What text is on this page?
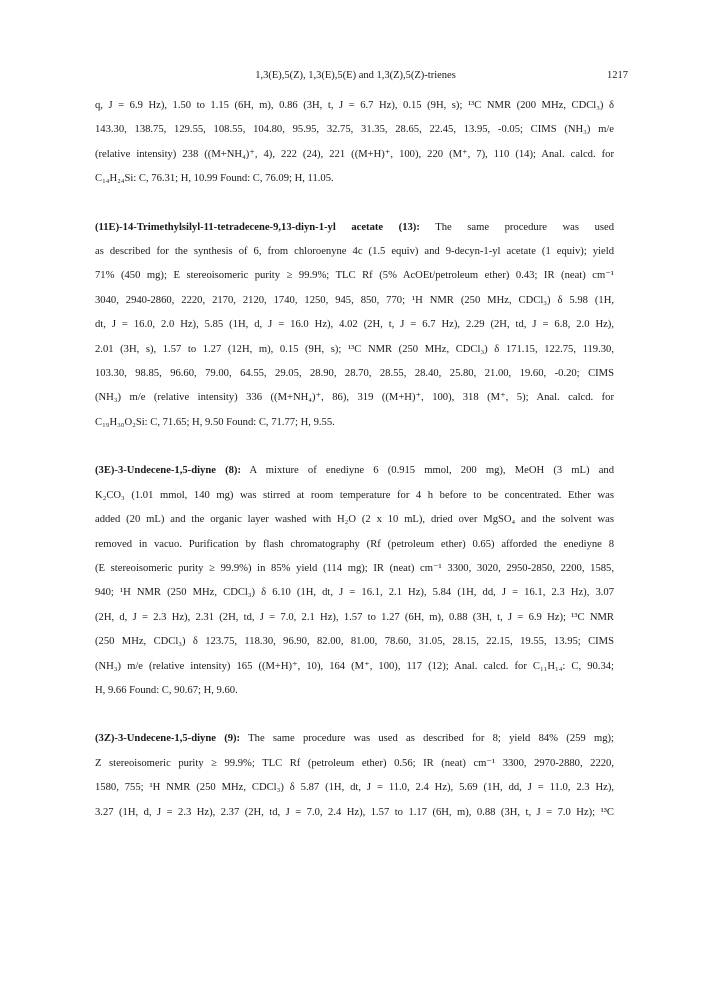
1,3(E),5(Z), 1,3(E),5(E) and 1,3(Z),5(Z)-trienes	1217
q, J = 6.9 Hz), 1.50 to 1.15 (6H, m), 0.86 (3H, t, J = 6.7 Hz), 0.15 (9H, s); ¹³C NMR (200 MHz, CDCl₃) δ
143.30, 138.75, 129.55, 108.55, 104.80, 95.95, 32.75, 31.35, 28.65, 22.45, 13.95, -0.05; CIMS (NH₃) m/e
(relative intensity) 238 ((M+NH₄)⁺, 4), 222 (24), 221 ((M+H)⁺, 100), 220 (M⁺, 7), 110 (14); Anal. calcd. for
C₁₄H₂₄Si: C, 76.31; H, 10.99 Found: C, 76.09; H, 11.05.
(11E)-14-Trimethylsilyl-11-tetradecene-9,13-diyn-1-yl acetate (13): The same procedure was used
as described for the synthesis of 6, from chloroenyne 4c (1.5 equiv) and 9-decyn-1-yl acetate (1 equiv); yield
71% (450 mg); E stereoisomeric purity ≥ 99.9%; TLC Rf (5% AcOEt/petroleum ether) 0.43; IR (neat) cm⁻¹
3040, 2940-2860, 2220, 2170, 2120, 1740, 1250, 945, 850, 770; ¹H NMR (250 MHz, CDCl₃) δ 5.98 (1H,
dt, J = 16.0, 2.0 Hz), 5.85 (1H, d, J = 16.0 Hz), 4.02 (2H, t, J = 6.7 Hz), 2.29 (2H, td, J = 6.8, 2.0 Hz),
2.01 (3H, s), 1.57 to 1.27 (12H, m), 0.15 (9H, s); ¹³C NMR (250 MHz, CDCl₃) δ 171.15, 122.75, 119.30,
103.30, 98.85, 96.60, 79.00, 64.55, 29.05, 28.90, 28.70, 28.55, 28.40, 25.80, 21.00, 19.60, -0.20; CIMS
(NH₃) m/e (relative intensity) 336 ((M+NH₄)⁺, 86), 319 ((M+H)⁺, 100), 318 (M⁺, 5); Anal. calcd. for
C₁₉H₃₀O₂Si: C, 71.65; H, 9.50 Found: C, 71.77; H, 9.55.
(3E)-3-Undecene-1,5-diyne (8): A mixture of enediyne 6 (0.915 mmol, 200 mg), MeOH (3 mL) and
K₂CO₃ (1.01 mmol, 140 mg) was stirred at room temperature for 4 h before to be concentrated. Ether was
added (20 mL) and the organic layer washed with H₂O (2 x 10 mL), dried over MgSO₄ and the solvent was
removed in vacuo. Purification by flash chromatography (Rf (petroleum ether) 0.65) afforded the enediyne 8
(E stereoisomeric purity ≥ 99.9%) in 85% yield (114 mg); IR (neat) cm⁻¹ 3300, 3020, 2950-2850, 2200, 1585,
940; ¹H NMR (250 MHz, CDCl₃) δ 6.10 (1H, dt, J = 16.1, 2.1 Hz), 5.84 (1H, dd, J = 16.1, 2.3 Hz), 3.07
(2H, d, J = 2.3 Hz), 2.31 (2H, td, J = 7.0, 2.1 Hz), 1.57 to 1.27 (6H, m), 0.88 (3H, t, J = 6.9 Hz); ¹³C NMR
(250 MHz, CDCl₃) δ 123.75, 118.30, 96.90, 82.00, 81.00, 78.60, 31.05, 28.15, 22.15, 19.55, 13.95; CIMS
(NH₃) m/e (relative intensity) 165 ((M+H)⁺, 10), 164 (M⁺, 100), 117 (12); Anal. calcd. for C₁₁H₁₄: C, 90.34;
H, 9.66 Found: C, 90.67; H, 9.60.
(3Z)-3-Undecene-1,5-diyne (9): The same procedure was used as described for 8; yield 84% (259 mg);
Z stereoisomeric purity ≥ 99.9%; TLC Rf (petroleum ether) 0.56; IR (neat) cm⁻¹ 3300, 2970-2880, 2220,
1580, 755; ¹H NMR (250 MHz, CDCl₃) δ 5.87 (1H, dt, J = 11.0, 2.4 Hz), 5.69 (1H, dd, J = 11.0, 2.3 Hz),
3.27 (1H, d, J = 2.3 Hz), 2.37 (2H, td, J = 7.0, 2.4 Hz), 1.57 to 1.17 (6H, m), 0.88 (3H, t, J = 7.0 Hz); ¹³C
